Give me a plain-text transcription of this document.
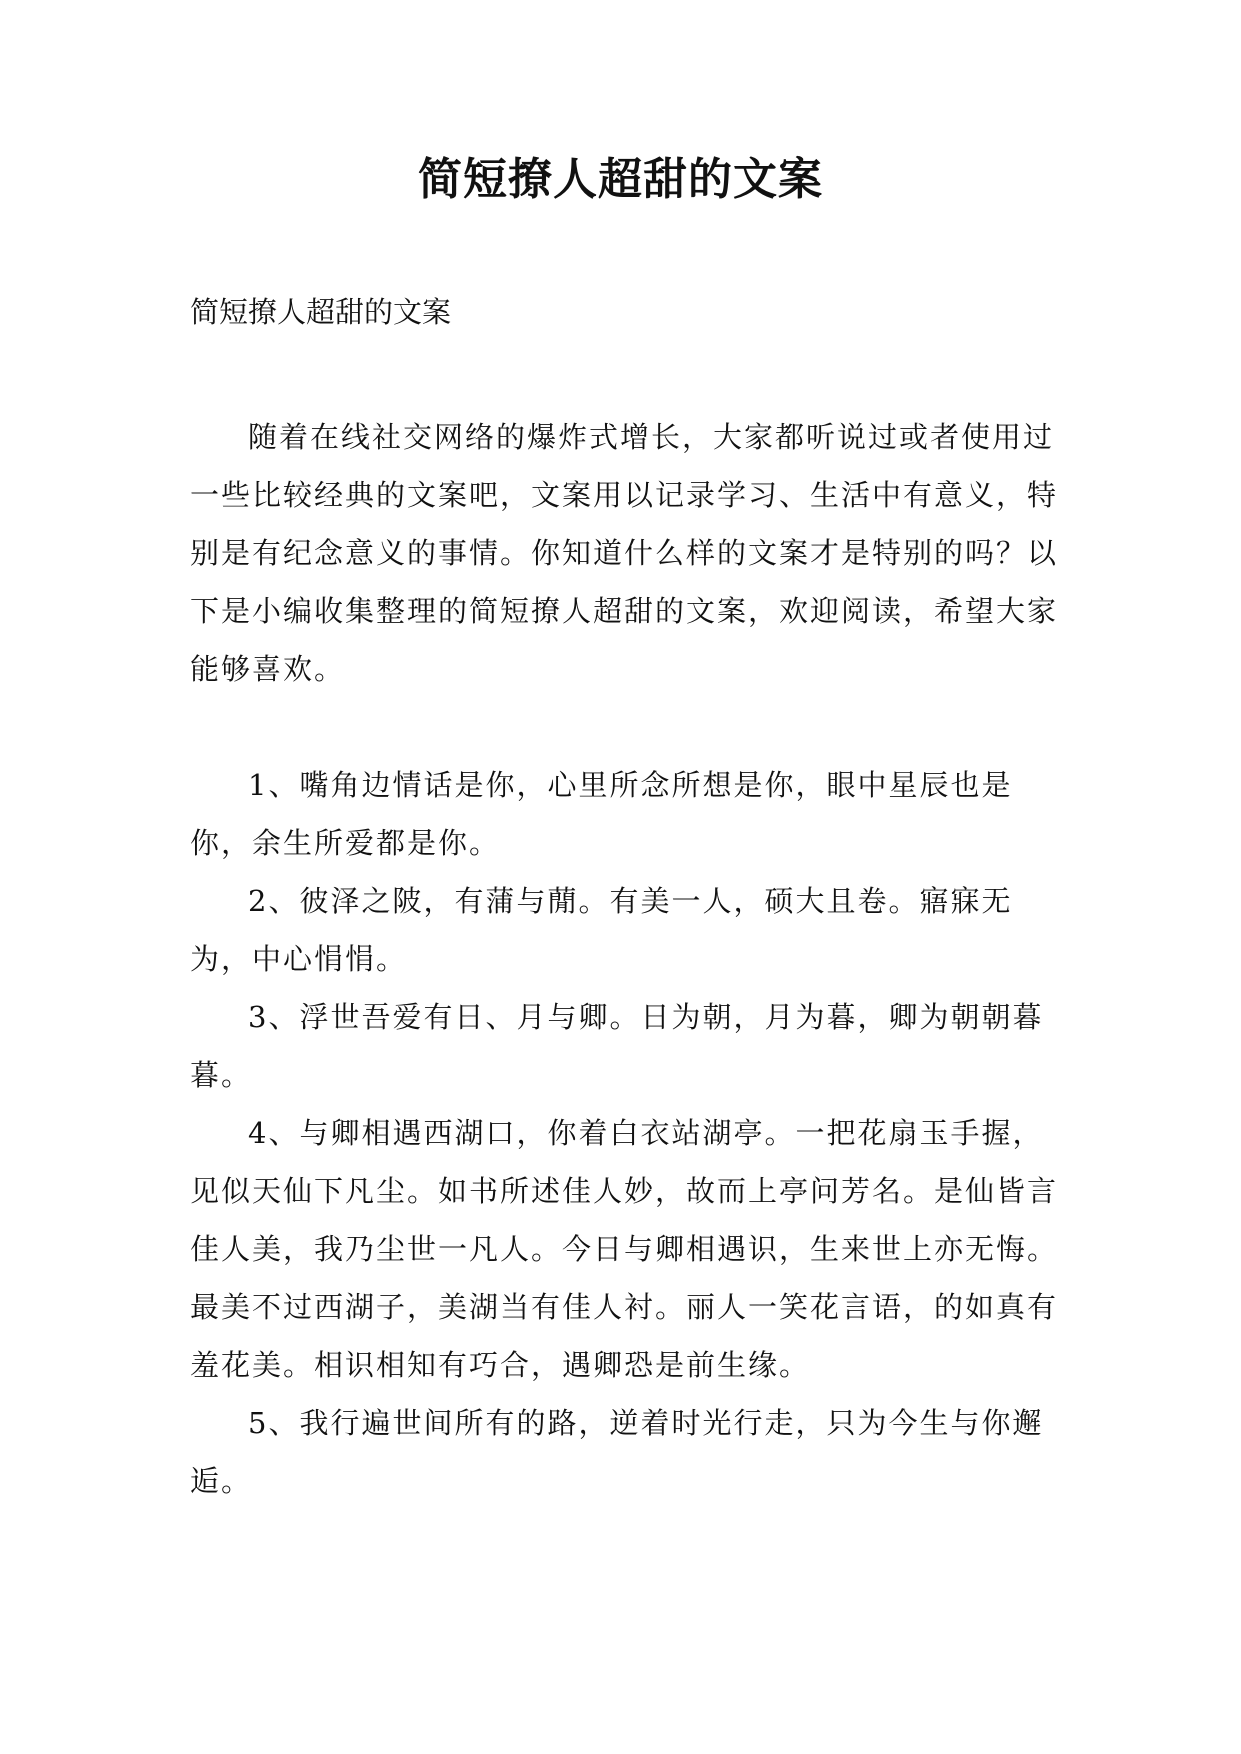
简短撩人超甜的文案
简短撩人超甜的文案

随着在线社交网络的爆炸式增长，大家都听说过或者使用过一些比较经典的文案吧，文案用以记录学习、生活中有意义，特别是有纪念意义的事情。你知道什么样的文案才是特别的吗？以下是小编收集整理的简短撩人超甜的文案，欢迎阅读，希望大家能够喜欢。

1、嘴角边情话是你，心里所念所想是你，眼中星辰也是你，余生所爱都是你。

2、彼泽之陂，有蒲与蕑。有美一人，硕大且卷。寤寐无为，中心悁悁。

3、浮世吾爱有日、月与卿。日为朝，月为暮，卿为朝朝暮暮。

4、与卿相遇西湖口，你着白衣站湖亭。一把花扇玉手握，见似天仙下凡尘。如书所述佳人妙，故而上亭问芳名。是仙皆言佳人美，我乃尘世一凡人。今日与卿相遇识，生来世上亦无悔。最美不过西湖子，美湖当有佳人衬。丽人一笑花言语，的如真有羞花美。相识相知有巧合，遇卿恐是前生缘。

5、我行遍世间所有的路，逆着时光行走，只为今生与你邂逅。
